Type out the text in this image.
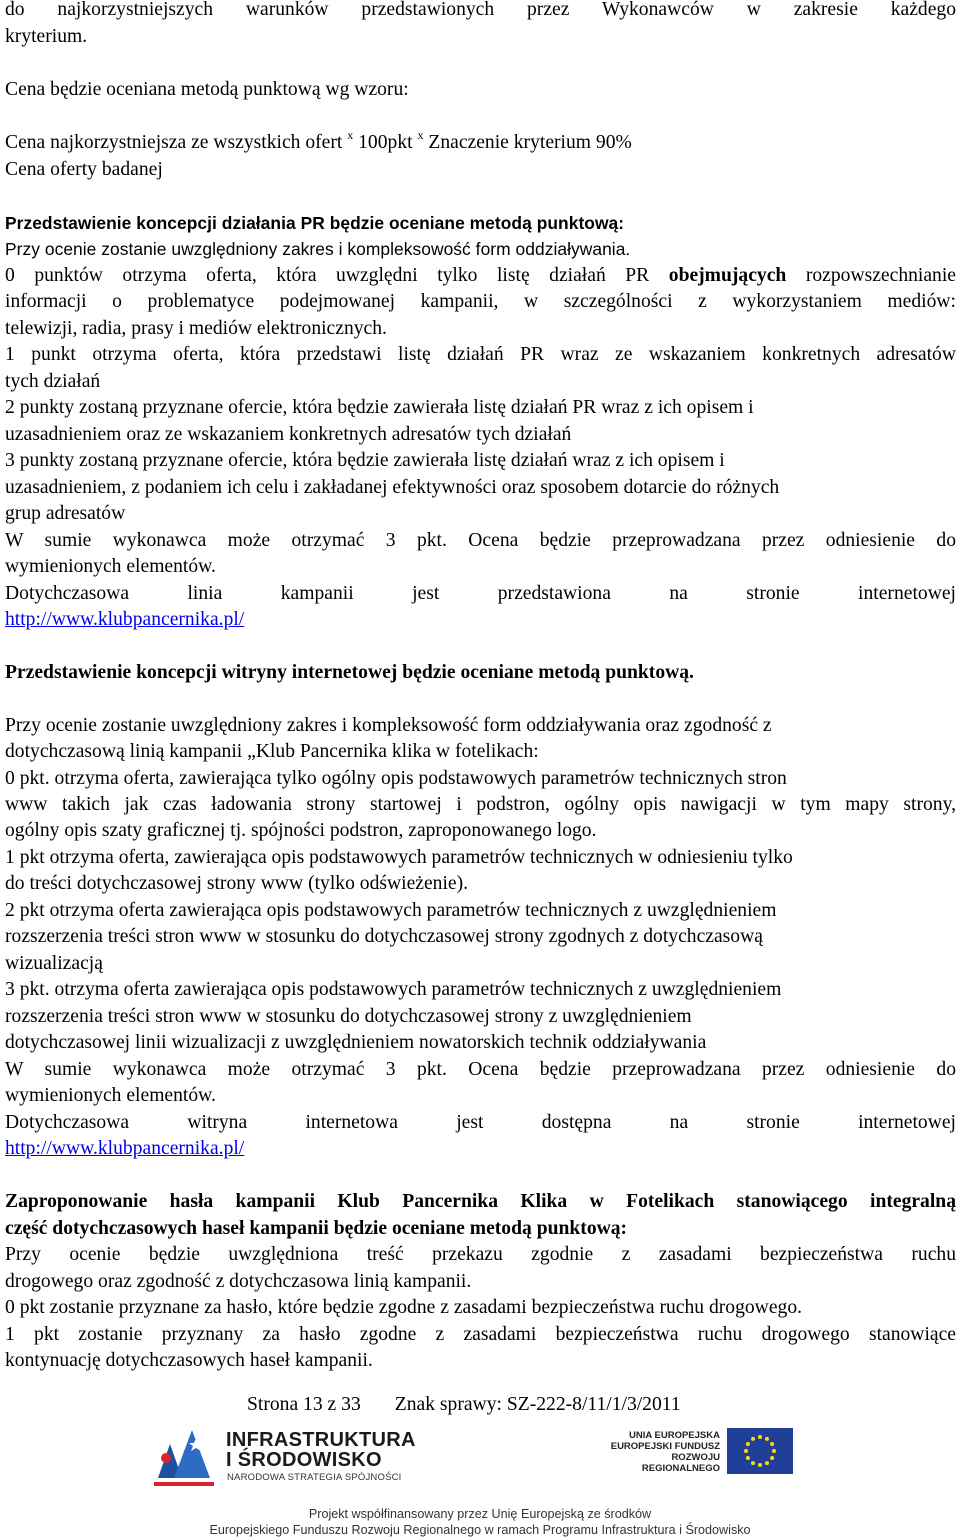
do najkorzystniejszych warunków przedstawionych przez Wykonawców w zakresie każdego
kryterium.

Cena będzie oceniana metodą punktową wg wzoru:

Cena najkorzystniejsza ze wszystkich ofert $^x$ 100pkt $^x$ Znaczenie kryterium 90%
Cena oferty badanej

Przedstawienie koncepcji działania PR będzie oceniane metodą punktową:
Przy ocenie zostanie uwzględniony zakres i kompleksowość form oddziaływania.
0 punktów otrzyma oferta, która uwzględni tylko listę działań PR obejmujących rozpowszechnianie
informacji o problematyce podejmowanej kampanii, w szczególności z wykorzystaniem mediów:
telewizji, radia, prasy i mediów elektronicznych.
1 punkt otrzyma oferta, która przedstawi listę działań PR wraz ze wskazaniem konkretnych adresatów
tych działań
2 punkty zostaną przyznane ofercie, która będzie zawierała listę działań PR wraz z ich opisem i
uzasadnieniem oraz ze wskazaniem konkretnych adresatów tych działań
3 punkty zostaną przyznane ofercie, która będzie zawierała listę działań wraz z ich opisem i
uzasadnieniem, z podaniem ich celu i zakładanej efektywności oraz sposobem dotarcie do różnych
grup adresatów
W sumie wykonawca może otrzymać 3 pkt. Ocena będzie przeprowadzana przez odniesienie do
wymienionych elementów.
Dotychczasowa linia kampanii jest przedstawiona na stronie internetowej
http://www.klubpancernika.pl/

Przedstawienie koncepcji witryny internetowej będzie oceniane metodą punktową.

Przy ocenie zostanie uwzględniony zakres i kompleksowość form oddziaływania oraz zgodność z
dotychczasową linią kampanii „Klub Pancernika klika w fotelikach:
0 pkt. otrzyma oferta, zawierająca tylko ogólny opis podstawowych parametrów technicznych stron
www takich jak czas ładowania strony startowej i podstron, ogólny opis nawigacji w tym mapy strony,
ogólny opis szaty graficznej tj. spójności podstron, zaproponowanego logo.
1 pkt otrzyma oferta, zawierająca opis podstawowych parametrów technicznych w odniesieniu tylko
do treści dotychczasowej strony www (tylko odświeżenie).
2 pkt otrzyma oferta zawierająca opis podstawowych parametrów technicznych z uwzględnieniem
rozszerzenia treści stron www w stosunku do dotychczasowej strony zgodnych z dotychczasową
wizualizacją
3 pkt. otrzyma oferta zawierająca opis podstawowych parametrów technicznych z uwzględnieniem
rozszerzenia treści stron www w stosunku do dotychczasowej strony z uwzględnieniem
dotychczasowej linii wizualizacji z uwzględnieniem nowatorskich technik oddziaływania
W sumie wykonawca może otrzymać 3 pkt. Ocena będzie przeprowadzana przez odniesienie do
wymienionych elementów.
Dotychczasowa witryna internetowa jest dostępna na stronie internetowej
http://www.klubpancernika.pl/

Zaproponowanie hasła kampanii Klub Pancernika Klika w Fotelikach stanowiącego integralną
część dotychczasowych haseł kampanii będzie oceniane metodą punktową:
Przy ocenie będzie uwzględniona treść przekazu zgodnie z zasadami bezpieczeństwa ruchu
drogowego oraz zgodność z dotychczasowa linią kampanii.
0 pkt zostanie przyznane za hasło, które będzie zgodne z zasadami bezpieczeństwa ruchu drogowego.
1 pkt zostanie przyznany za hasło zgodne z zasadami bezpieczeństwa ruchu drogowego stanowiące
kontynuację dotychczasowych haseł kampanii.
Strona 13 z 33 Znak sprawy: SZ-222-8/11/1/3/2011
INFRASTRUKTURA
I ŚRODOWISKO
NARODOWA STRATEGIA SPÓJNOŚCI
UNIA EUROPEJSKA
EUROPEJSKI FUNDUSZ
ROZWOJU REGIONALNEGO
Projekt współfinansowany przez Unię Europejską ze środków
Europejskiego Funduszu Rozwoju Regionalnego w ramach Programu Infrastruktura i Środowisko
